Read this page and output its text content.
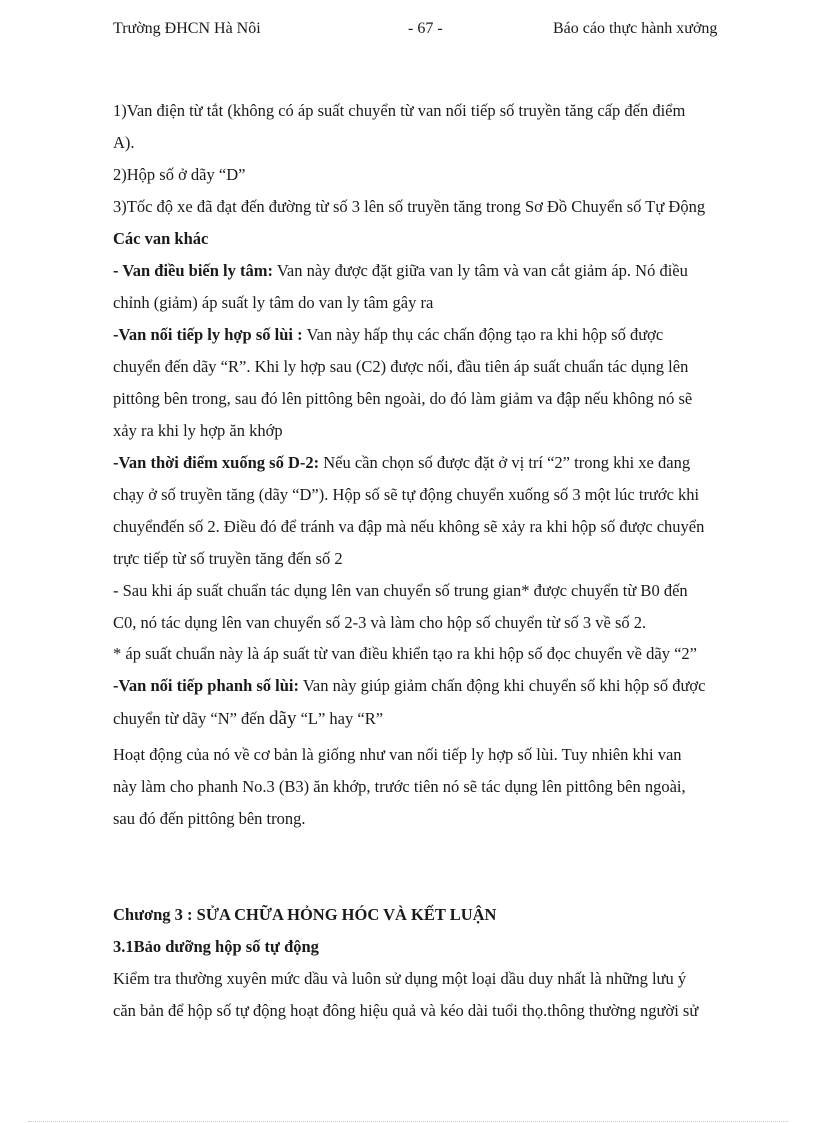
Trường ĐHCN Hà Nôi	- 67 -	Báo cáo thực hành xưởng
1)Van điện từ tắt (không có áp suất chuyển từ van nối tiếp số truyền tăng cấp đến điểm
A).
2)Hộp số ở dãy “D”
3)Tốc độ xe đã đạt đến đường từ số 3 lên số truyền tăng trong Sơ Đồ Chuyển số Tự Động
Các van khác
- Van điều biến ly tâm: Van này được đặt giữa van ly tâm và van cắt giảm áp. Nó điều
chỉnh (giảm) áp suất ly tâm do van ly tâm gây ra
-Van nối tiếp ly hợp số lùi : Van này hấp thụ các chấn động tạo ra khi hộp số được
chuyển đến dãy “R”. Khi ly hợp sau (C2) được nối, đầu tiên áp suất chuẩn tác dụng lên
pittông bên trong, sau đó lên pittông bên ngoài, do đó làm giảm va đập nếu không nó sẽ
xảy ra khi ly hợp ăn khớp
-Van thời điểm xuống số D-2: Nếu cần chọn số được đặt ở vị trí “2” trong khi xe đang
chạy ở số truyền tăng (dãy “D”). Hộp số sẽ tự động chuyển xuống số 3 một lúc trước khi
chuyểnđến số 2. Điều đó để tránh va đập mà nếu không sẽ xảy ra khi hộp số được chuyển
trực tiếp từ số truyền tăng đến số 2
- Sau khi áp suất chuẩn tác dụng lên van chuyển số trung gian* được chuyển từ B0 đến
C0, nó tác dụng lên van chuyển số 2-3 và làm cho hộp số chuyển từ số 3 về số 2.
* áp suất chuẩn này là áp suất từ van điều khiển tạo ra khi hộp số đọc chuyển về dãy “2”
-Van nối tiếp phanh số lùi: Van này giúp giảm chấn động khi chuyển số khi hộp số được
chuyển từ dãy “N” đến dãy “L” hay “R”
Hoạt động của nó về cơ bản là giống như van nối tiếp ly hợp số lùi. Tuy nhiên khi van
này làm cho phanh No.3 (B3) ăn khớp, trước tiên nó sẽ tác dụng lên pittông bên ngoài,
sau đó đến pittông bên trong.
Chương 3 : SỬA CHỮA HỎNG HÓC VÀ KẾT LUẬN
3.1Bảo dưỡng hộp số tự động
Kiểm tra thường xuyên mức dầu và luôn sử dụng một loại dầu duy nhất là những lưu ý
căn bản để hộp số tự động hoạt đông hiệu quả và kéo dài tuổi thọ.thông thường người sử
